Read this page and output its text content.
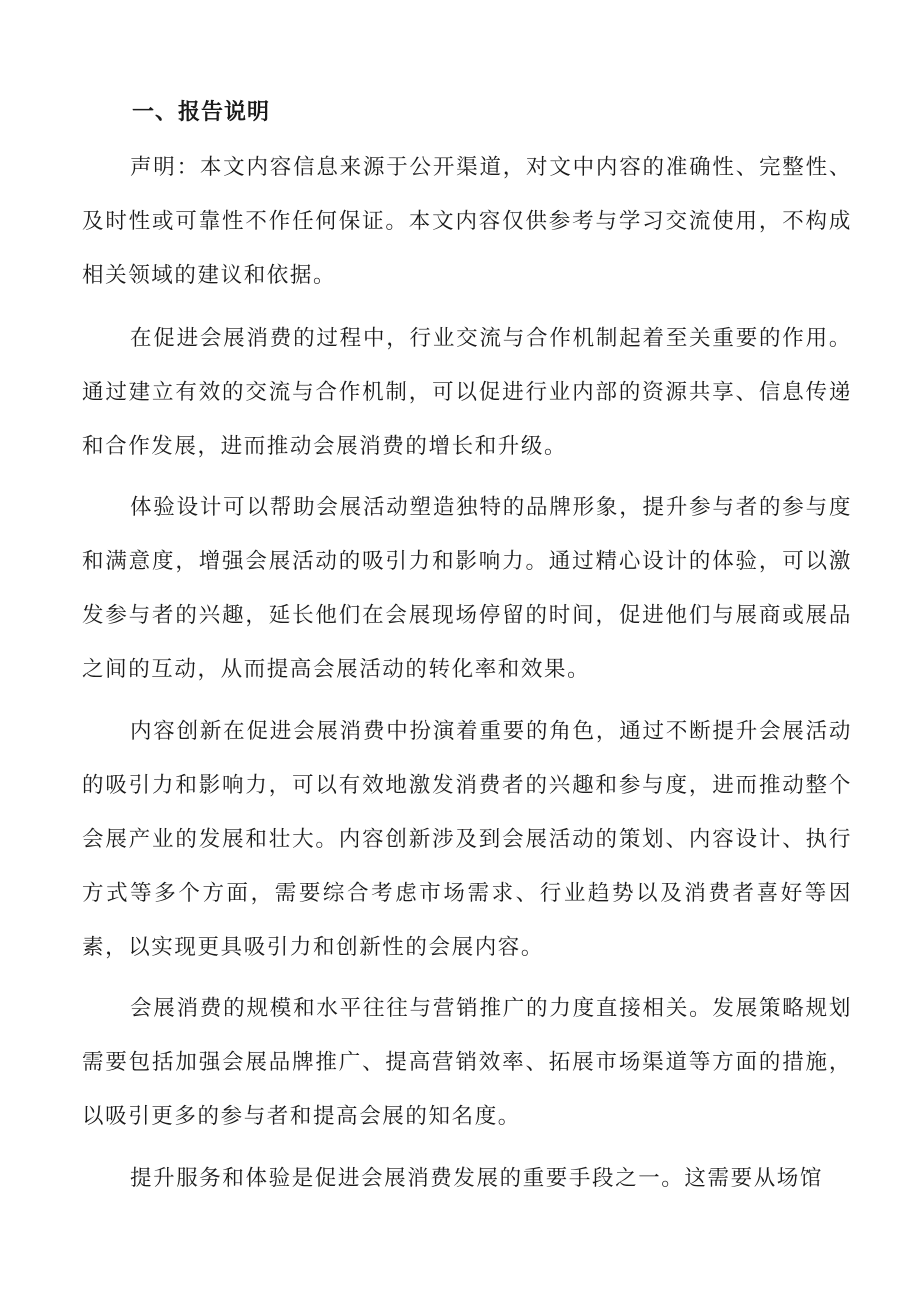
一、报告说明

声明：本文内容信息来源于公开渠道，对文中内容的准确性、完整性、及时性或可靠性不作任何保证。本文内容仅供参考与学习交流使用，不构成相关领域的建议和依据。

在促进会展消费的过程中，行业交流与合作机制起着至关重要的作用。通过建立有效的交流与合作机制，可以促进行业内部的资源共享、信息传递和合作发展，进而推动会展消费的增长和升级。

体验设计可以帮助会展活动塑造独特的品牌形象，提升参与者的参与度和满意度，增强会展活动的吸引力和影响力。通过精心设计的体验，可以激发参与者的兴趣，延长他们在会展现场停留的时间，促进他们与展商或展品之间的互动，从而提高会展活动的转化率和效果。

内容创新在促进会展消费中扮演着重要的角色，通过不断提升会展活动的吸引力和影响力，可以有效地激发消费者的兴趣和参与度，进而推动整个会展产业的发展和壮大。内容创新涉及到会展活动的策划、内容设计、执行方式等多个方面，需要综合考虑市场需求、行业趋势以及消费者喜好等因素，以实现更具吸引力和创新性的会展内容。

会展消费的规模和水平往往与营销推广的力度直接相关。发展策略规划需要包括加强会展品牌推广、提高营销效率、拓展市场渠道等方面的措施，以吸引更多的参与者和提高会展的知名度。

提升服务和体验是促进会展消费发展的重要手段之一。这需要从场馆
